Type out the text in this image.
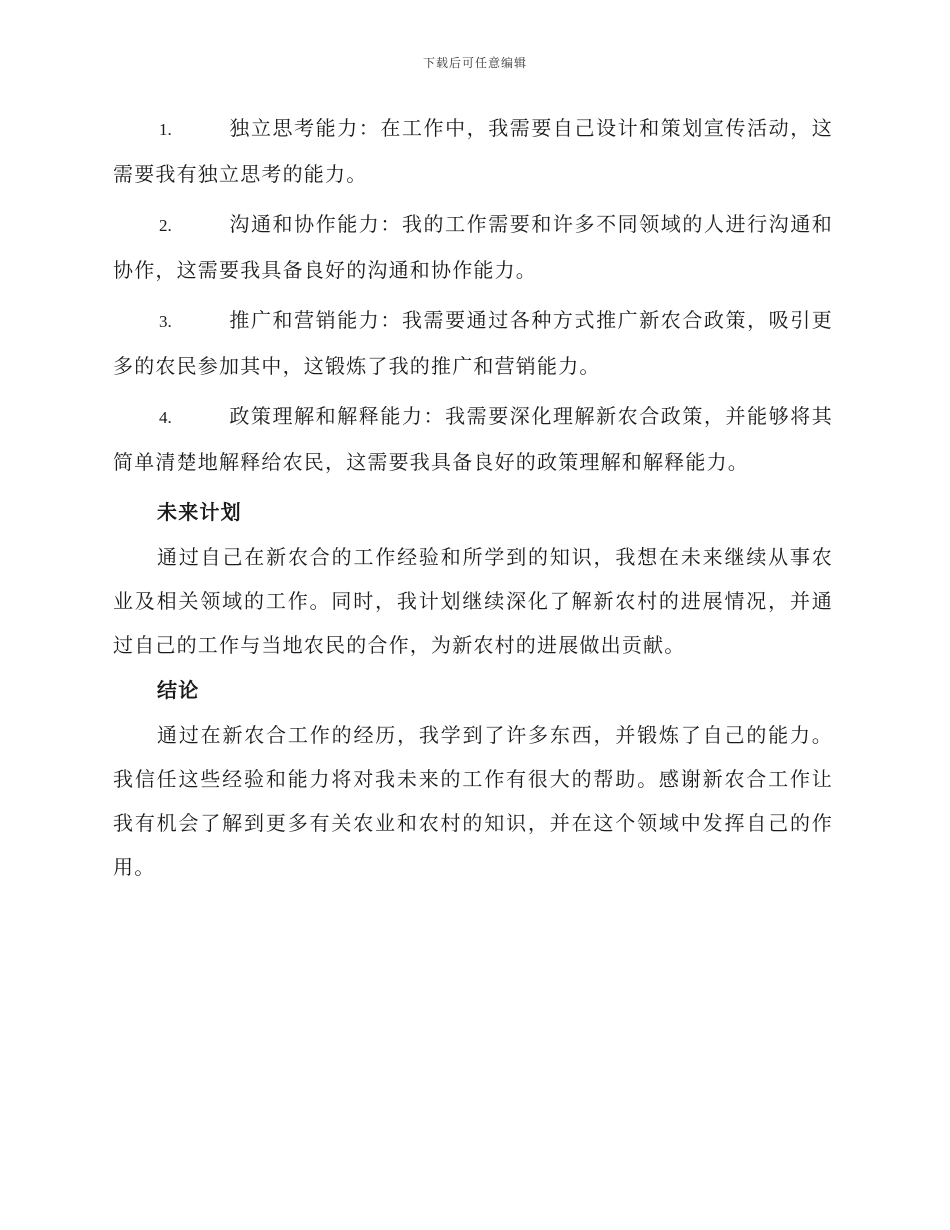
下载后可任意编辑

1.	独立思考能力：在工作中，我需要自己设计和策划宣传活动，这需要我有独立思考的能力。

2.	沟通和协作能力：我的工作需要和许多不同领域的人进行沟通和协作，这需要我具备良好的沟通和协作能力。

3.	推广和营销能力：我需要通过各种方式推广新农合政策，吸引更多的农民参加其中，这锻炼了我的推广和营销能力。

4.	政策理解和解释能力：我需要深化理解新农合政策，并能够将其简单清楚地解释给农民，这需要我具备良好的政策理解和解释能力。

未来计划

通过自己在新农合的工作经验和所学到的知识，我想在未来继续从事农业及相关领域的工作。同时，我计划继续深化了解新农村的进展情况，并通过自己的工作与当地农民的合作，为新农村的进展做出贡献。

结论

通过在新农合工作的经历，我学到了许多东西，并锻炼了自己的能力。我信任这些经验和能力将对我未来的工作有很大的帮助。感谢新农合工作让我有机会了解到更多有关农业和农村的知识，并在这个领域中发挥自己的作用。
